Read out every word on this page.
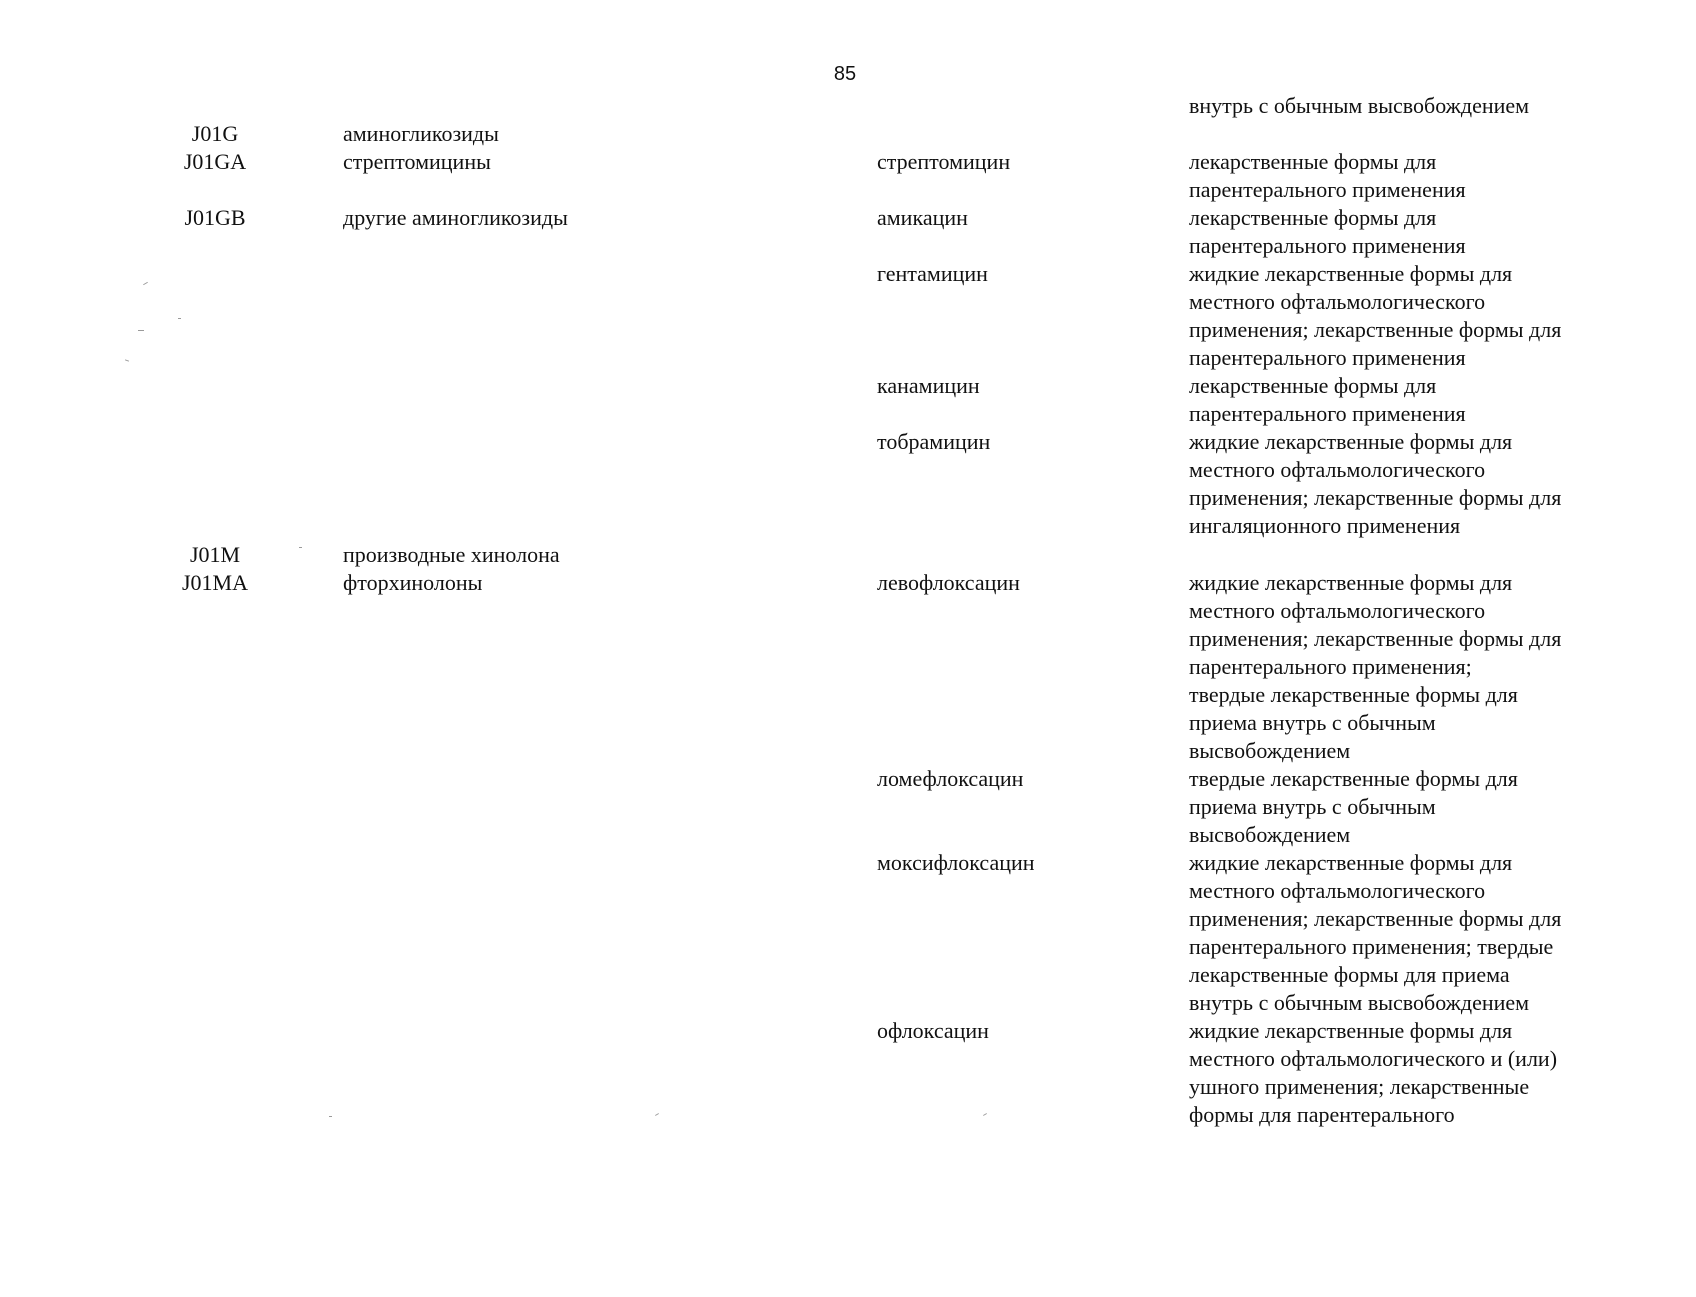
85
внутрь с обычным высвобождением
J01G	аминогликозиды
J01GA	стрептомицины	стрептомицин	лекарственные формы для
парентерального применения
J01GB	другие аминогликозиды	амикацин	лекарственные формы для
парентерального применения
гентамицин	жидкие лекарственные формы для
местного офтальмологического
применения; лекарственные формы для
парентерального применения
канамицин	лекарственные формы для
парентерального применения
тобрамицин	жидкие лекарственные формы для
местного офтальмологического
применения; лекарственные формы для
ингаляционного применения
J01M	производные хинолона
J01MA	фторхинолоны	левофлоксацин	жидкие лекарственные формы для
местного офтальмологического
применения; лекарственные формы для
парентерального применения;
твердые лекарственные формы для
приема внутрь с обычным
высвобождением
ломефлоксацин	твердые лекарственные формы для
приема внутрь с обычным
высвобождением
моксифлоксацин	жидкие лекарственные формы для
местного офтальмологического
применения; лекарственные формы для
парентерального применения; твердые
лекарственные формы для приема
внутрь с обычным высвобождением
офлоксацин	жидкие лекарственные формы для
местного офтальмологического и (или)
ушного применения; лекарственные
формы для парентерального
